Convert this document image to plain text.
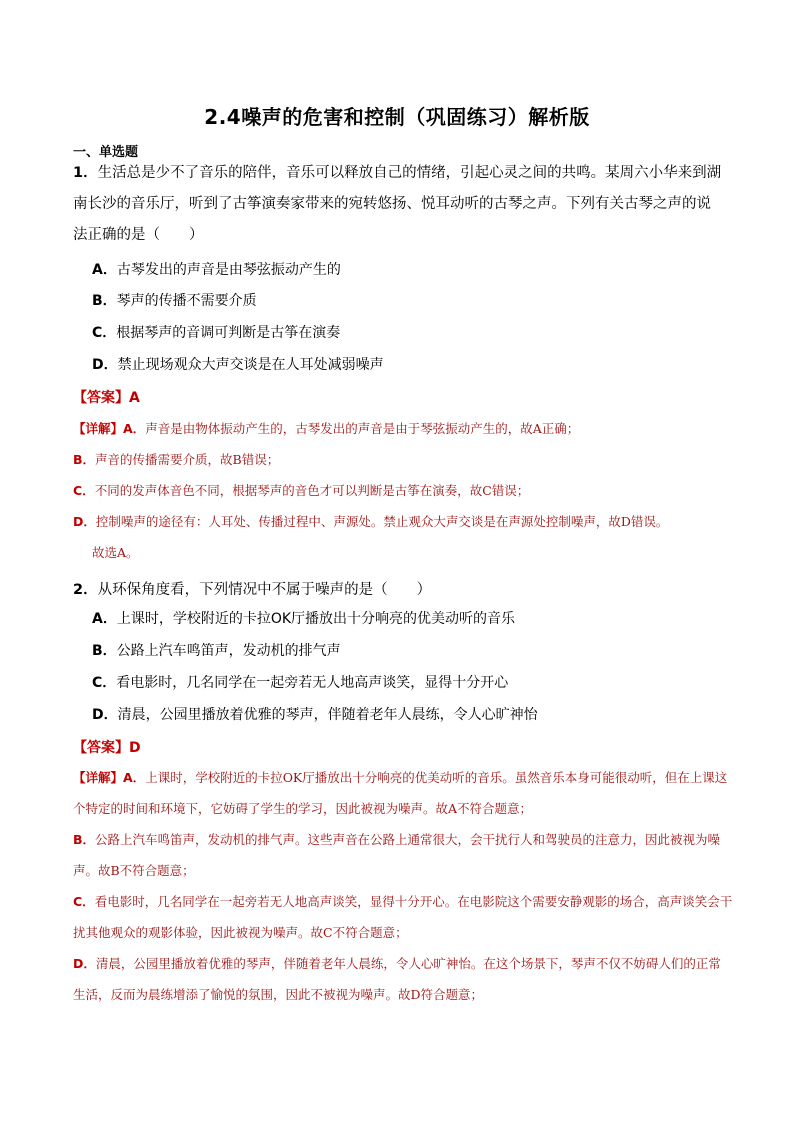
2.4噪声的危害和控制（巩固练习）解析版
一、单选题
1．生活总是少不了音乐的陪伴，音乐可以释放自己的情绪，引起心灵之间的共鸣。某周六小华来到湖南长沙的音乐厅，听到了古筝演奏家带来的宛转悠扬、悦耳动听的古琴之声。下列有关古琴之声的说法正确的是（　　）
A．古琴发出的声音是由琴弦振动产生的
B．琴声的传播不需要介质
C．根据琴声的音调可判断是古筝在演奏
D．禁止现场观众大声交谈是在人耳处减弱噪声
【答案】A
【详解】A．声音是由物体振动产生的，古琴发出的声音是由于琴弦振动产生的，故A正确；
B．声音的传播需要介质，故B错误；
C．不同的发声体音色不同，根据琴声的音色才可以判断是古筝在演奏，故C错误；
D．控制噪声的途径有：人耳处、传播过程中、声源处。禁止观众大声交谈是在声源处控制噪声，故D错误。
故选A。
2．从环保角度看，下列情况中不属于噪声的是（　　）
A．上课时，学校附近的卡拉OK厅播放出十分响亮的优美动听的音乐
B．公路上汽车鸣笛声，发动机的排气声
C．看电影时，几名同学在一起旁若无人地高声谈笑，显得十分开心
D．清晨，公园里播放着优雅的琴声，伴随着老年人晨练，令人心旷神怡
【答案】D
【详解】A．上课时，学校附近的卡拉OK厅播放出十分响亮的优美动听的音乐。虽然音乐本身可能很动听，但在上课这个特定的时间和环境下，它妨碍了学生的学习，因此被视为噪声。故A不符合题意；
B．公路上汽车鸣笛声，发动机的排气声。这些声音在公路上通常很大，会干扰行人和驾驶员的注意力，因此被视为噪声。故B不符合题意；
C．看电影时，几名同学在一起旁若无人地高声谈笑，显得十分开心。在电影院这个需要安静观影的场合，高声谈笑会干扰其他观众的观影体验，因此被视为噪声。故C不符合题意；
D．清晨，公园里播放着优雅的琴声，伴随着老年人晨练，令人心旷神怡。在这个场景下，琴声不仅不妨碍人们的正常生活，反而为晨练增添了愉悦的氛围，因此不被视为噪声。故D符合题意；
